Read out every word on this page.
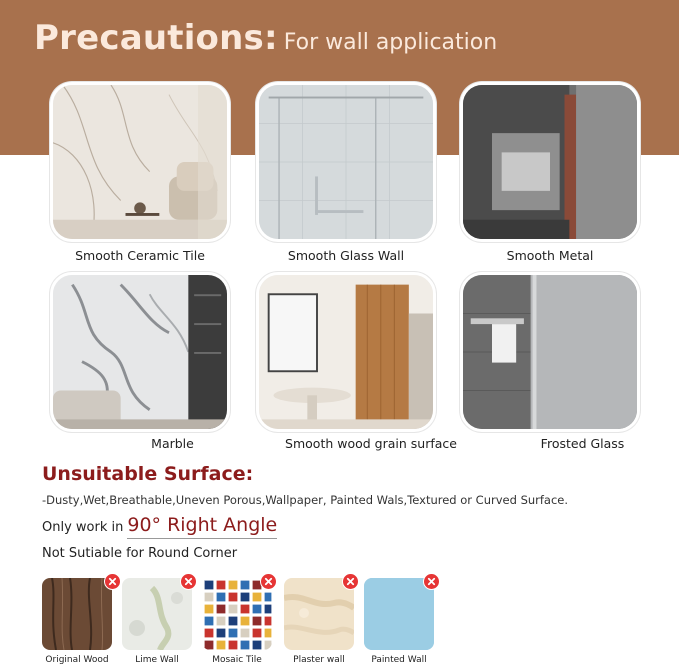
Precautions: For wall application
Smooth Ceramic Tile	Smooth Glass Wall	Smooth Metal
Marble	Smooth wood grain surface	Frosted Glass
Unsuitable Surface:
-Dusty,Wet,Breathable,Uneven Porous,Wallpaper, Painted Wals,Textured or Curved Surface.
Only work in 90° Right Angle
Not Sutiable for Round Corner
Original Wood	Lime Wall	Mosaic Tile	Plaster wall	Painted Wall
